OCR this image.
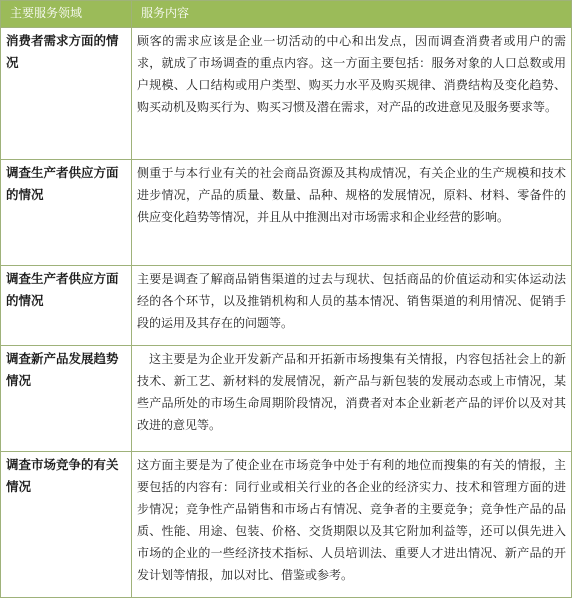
主要服务领域	服务内容
消费者需求方面的情况	顾客的需求应该是企业一切活动的中心和出发点，因而调查消费者或用户的需求，就成了市场调查的重点内容。这一方面主要包括：服务对象的人口总数或用户规模、人口结构或用户类型、购买力水平及购买规律、消费结构及变化趋势、购买动机及购买行为、购买习惯及潜在需求，对产品的改进意见及服务要求等。
调查生产者供应方面的情况	侧重于与本行业有关的社会商品资源及其构成情况，有关企业的生产规模和技术进步情况，产品的质量、数量、品种、规格的发展情况，原料、材料、零备件的供应变化趋势等情况，并且从中推测出对市场需求和企业经营的影响。
调查生产者供应方面的情况	主要是调查了解商品销售渠道的过去与现状、包括商品的价值运动和实体运动法经的各个环节，以及推销机构和人员的基本情况、销售渠道的利用情况、促销手段的运用及其存在的问题等。
调查新产品发展趋势情况	这主要是为企业开发新产品和开拓新市场搜集有关情报，内容包括社会上的新技术、新工艺、新材料的发展情况，新产品与新包装的发展动态或上市情况，某些产品所处的市场生命周期阶段情况，消费者对本企业新老产品的评价以及对其改进的意见等。
调查市场竞争的有关情况	这方面主要是为了使企业在市场竞争中处于有利的地位而搜集的有关的情报，主要包括的内容有：同行业或相关行业的各企业的经济实力、技术和管理方面的进步情况；竞争性产品销售和市场占有情况、竞争者的主要竞争；竞争性产品的品质、性能、用途、包装、价格、交货期限以及其它附加利益等，还可以俱先进入市场的企业的一些经济技术指标、人员培训法、重要人才进出情况、新产品的开发计划等情报，加以对比、借鉴或参考。
